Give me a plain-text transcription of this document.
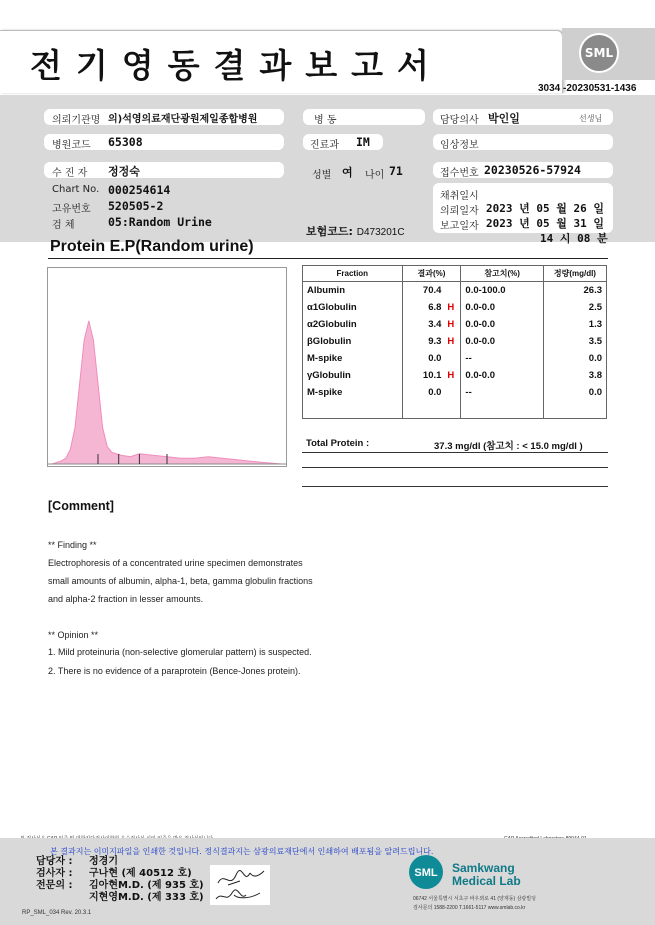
전기영동결과보고서	SML
3034 -20230531-1436
의뢰기관명 의)석영의료재단광원제일종합병원	병 동	담당의사 박인일	선생님
병원코드 65308	진료과 IM	임상정보
수 진 자 정정숙	성별 여 나이 71	접수번호 20230526-57924
Chart No. 000254614
고유번호 520505-2
검 체	05:Random Urine
보험코드: D473201C
채취일시
의뢰일자 2023 년 05 월 26 일
보고일자 2023 년 05 월 31 일
14 시 08 분
Protein E.P(Random urine)
Fraction	결과(%)	참고치(%)	정량(mg/dl)
Albumin	70.4	0.0-100.0	26.3
α1Globulin	6.8 H	0.0-0.0	2.5
α2Globulin	3.4 H	0.0-0.0	1.3
βGlobulin	9.3 H	0.0-0.0	3.5
M-spike	0.0	--	0.0
γGlobulin	10.1 H	0.0-0.0	3.8
M-spike	0.0	--	0.0

Total Protein :	37.3 mg/dl (참고치 : < 15.0 mg/dl )
[Comment]
** Finding **
Electrophoresis of a concentrated urine specimen demonstrates
small amounts of albumin, alpha-1, beta, gamma globulin fractions
and alpha-2 fraction in lesser amounts.
** Opinion **
1. Mild proteinuria (non-selective glomerular pattern) is suspected.
2. There is no evidence of a paraprotein (Bence-Jones protein).
본 결과지는 이미지파일을 인쇄한 것입니다. 정식결과지는 삼광의료재단에서 인쇄하여 배포됨을 알려드립니다.
담당자 : 정경기
검사자 : 구나현 (제 40512 호)
전문의 : 김아현M.D. (제 935 호)
지현영M.D. (제 333 호)
SML Samkwang
Medical Lab
06742 서울특별시 서초구 바우뫼로 41 (양재동) 삼광빌딩
검사문의 1588-2200 T.1661-5117 www.smlab.co.kr
RP_SML_034 Rev. 20.3.1
